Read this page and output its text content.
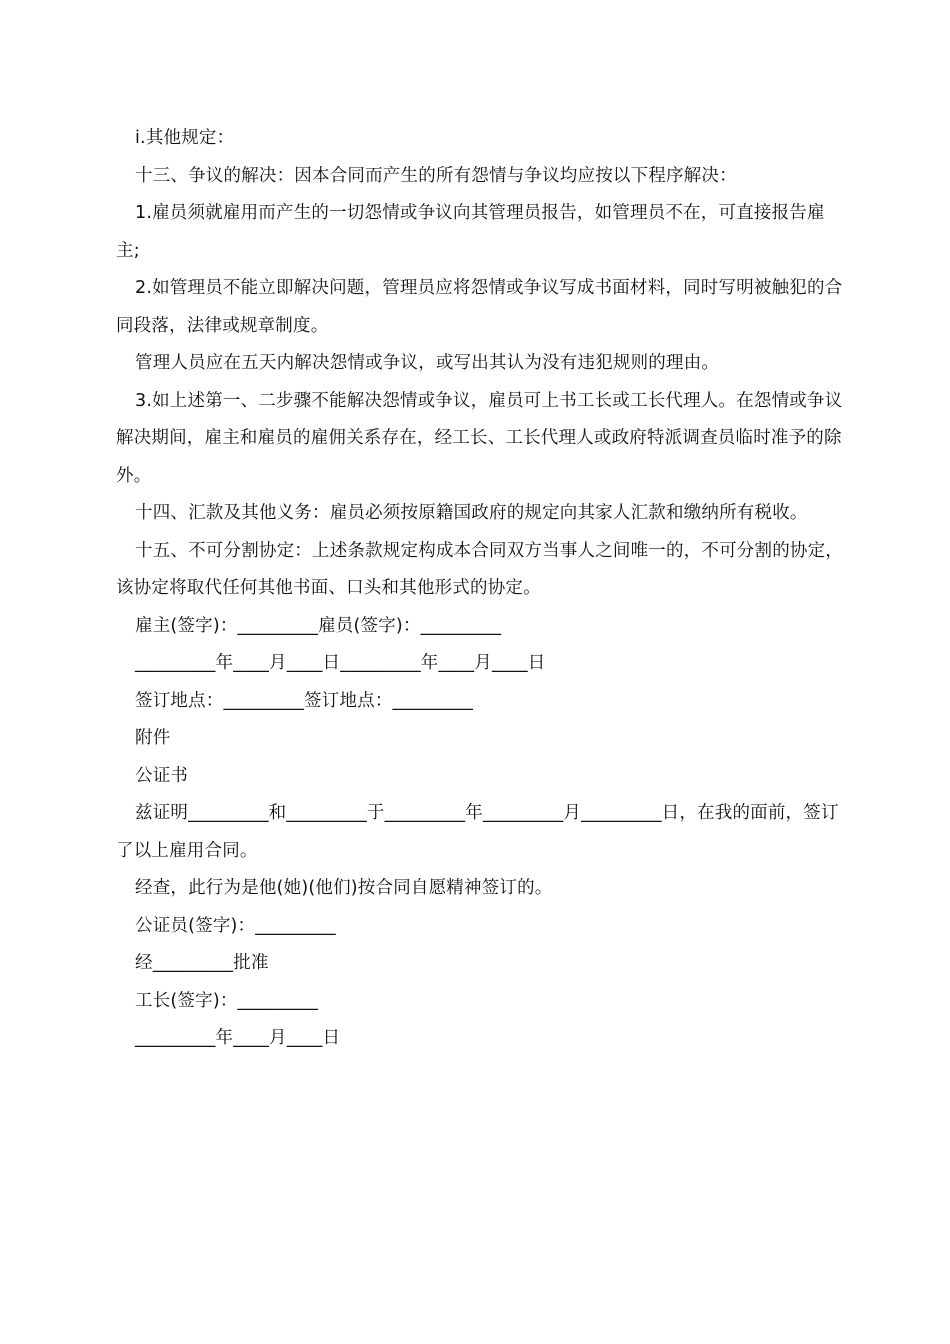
i.其他规定：

十三、争议的解决：因本合同而产生的所有怨情与争议均应按以下程序解决：

1.雇员须就雇用而产生的一切怨情或争议向其管理员报告，如管理员不在，可直接报告雇主;

2.如管理员不能立即解决问题，管理员应将怨情或争议写成书面材料，同时写明被触犯的合同段落，法律或规章制度。

管理人员应在五天内解决怨情或争议，或写出其认为没有违犯规则的理由。

3.如上述第一、二步骤不能解决怨情或争议，雇员可上书工长或工长代理人。在怨情或争议解决期间，雇主和雇员的雇佣关系存在，经工长、工长代理人或政府特派调查员临时准予的除外。

十四、汇款及其他义务：雇员必须按原籍国政府的规定向其家人汇款和缴纳所有税收。

十五、不可分割协定：上述条款规定构成本合同双方当事人之间唯一的，不可分割的协定，该协定将取代任何其他书面、口头和其他形式的协定。

雇主(签字)：_________雇员(签字)：_________

_________年____月____日_________年____月____日

签订地点：_________签订地点：_________

附件

公证书

兹证明_________和_________于_________年_________月_________日，在我的面前，签订了以上雇用合同。

经查，此行为是他(她)(他们)按合同自愿精神签订的。

公证员(签字)：_________

经_________批准

工长(签字)：_________

_________年____月____日
